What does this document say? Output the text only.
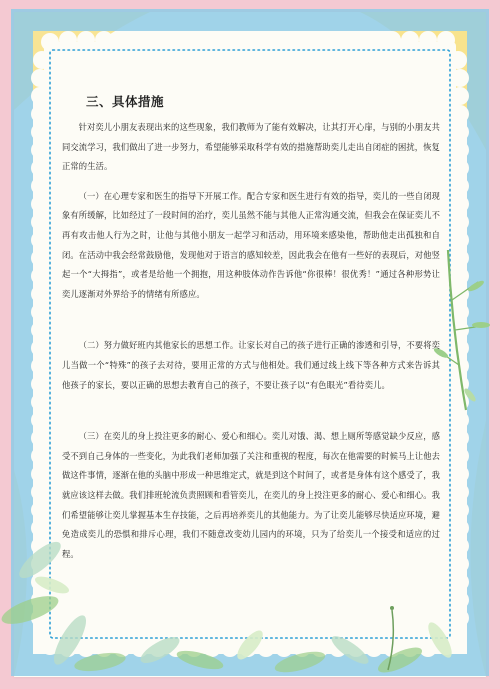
三、具体措施

针对奕儿小朋友表现出来的这些现象，我们教师为了能有效解决，让其打开心扉，与别的小朋友共同交流学习，我们做出了进一步努力，希望能够采取科学有效的措施帮助奕儿走出自闭症的困扰，恢复正常的生活。

（一）在心理专家和医生的指导下开展工作。配合专家和医生进行有效的指导，奕儿的一些自闭现象有所缓解，比如经过了一段时间的治疗，奕儿虽然不能与其他人正常沟通交流，但我会在保证奕儿不再有攻击他人行为之时，让他与其他小朋友一起学习和活动，用环境来感染他，帮助他走出孤独和自闭。在活动中我会经常鼓励他，发现他对于语言的感知较差，因此我会在他有一些好的表现后，对他竖起一个“大拇指”，或者是给他一个拥抱，用这种肢体动作告诉他“你很棒！很优秀！”通过各种形势让奕儿逐渐对外界给予的情绪有所感应。

（二）努力做好班内其他家长的思想工作。让家长对自己的孩子进行正确的渗透和引导，不要将奕儿当做一个“特殊”的孩子去对待，要用正常的方式与他相处。我们通过线上线下等各种方式来告诉其他孩子的家长，要以正确的思想去教育自己的孩子，不要让孩子以“有色眼光”看待奕儿。

（三）在奕儿的身上投注更多的耐心、爱心和细心。奕儿对饿、渴、想上厕所等感觉缺少反应，感受不到自己身体的一些变化，为此我们老师加强了关注和重视的程度，每次在他需要的时候马上让他去做这件事情，逐渐在他的头脑中形成一种思维定式，就是到这个时间了，或者是身体有这个感受了，我就应该这样去做。我们排班轮流负责照顾和看管奕儿，在奕儿的身上投注更多的耐心、爱心和细心。我们希望能够让奕儿掌握基本生存技能，之后再培养奕儿的其他能力。为了让奕儿能够尽快适应环境，避免造成奕儿的恐惧和排斥心理，我们不随意改变幼儿园内的环境，只为了给奕儿一个接受和适应的过程。
